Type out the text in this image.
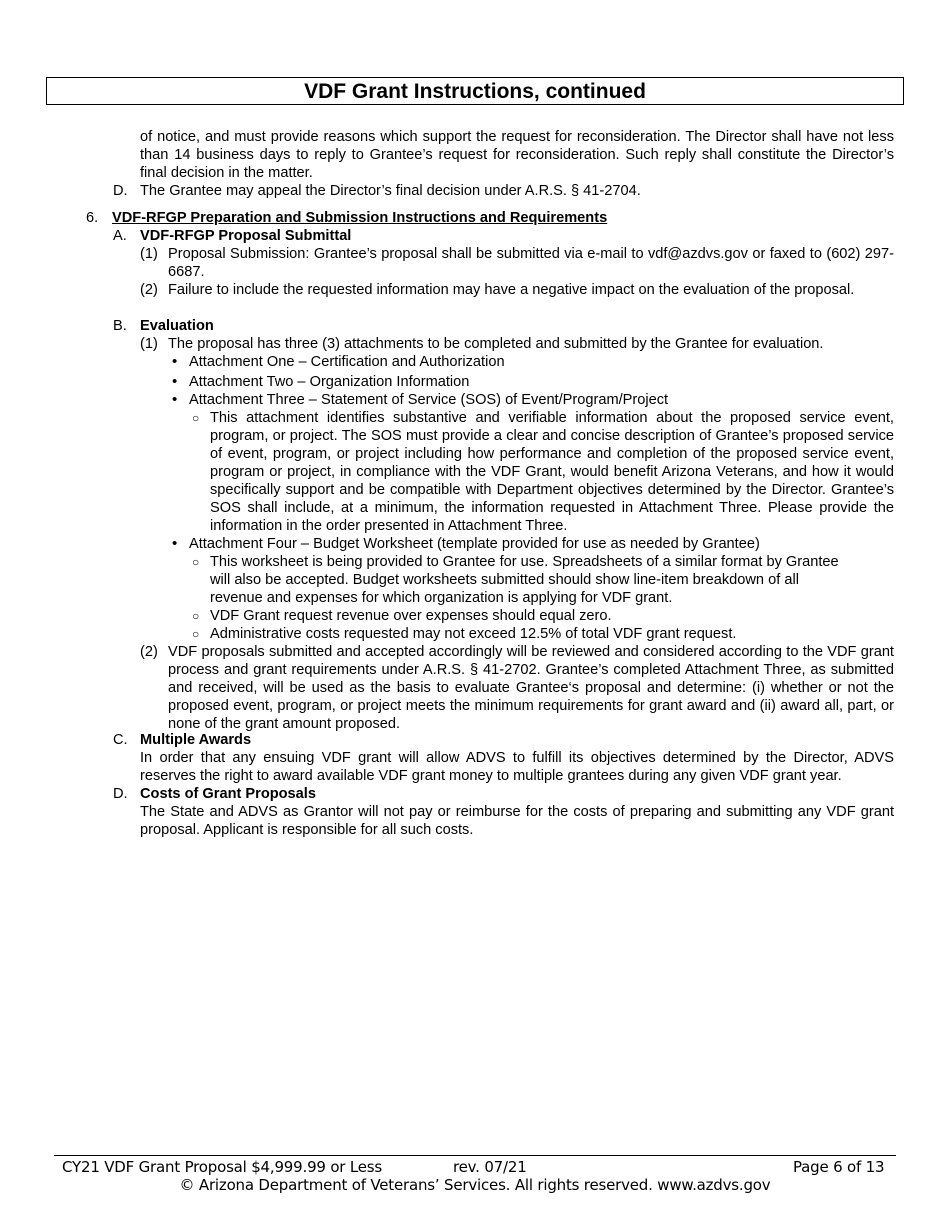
VDF Grant Instructions, continued
of notice, and must provide reasons which support the request for reconsideration. The Director shall have not less than 14 business days to reply to Grantee’s request for reconsideration. Such reply shall constitute the Director’s final decision in the matter.
D. The Grantee may appeal the Director’s final decision under A.R.S. § 41-2704.
6. VDF-RFGP Preparation and Submission Instructions and Requirements
A. VDF-RFGP Proposal Submittal
(1) Proposal Submission: Grantee’s proposal shall be submitted via e-mail to vdf@azdvs.gov or faxed to (602) 297-6687.
(2) Failure to include the requested information may have a negative impact on the evaluation of the proposal.
B. Evaluation
(1) The proposal has three (3) attachments to be completed and submitted by the Grantee for evaluation.
• Attachment One – Certification and Authorization
• Attachment Two – Organization Information
• Attachment Three – Statement of Service (SOS) of Event/Program/Project
○ This attachment identifies substantive and verifiable information about the proposed service event, program, or project. The SOS must provide a clear and concise description of Grantee’s proposed service of event, program, or project including how performance and completion of the proposed service event, program or project, in compliance with the VDF Grant, would benefit Arizona Veterans, and how it would specifically support and be compatible with Department objectives determined by the Director. Grantee’s SOS shall include, at a minimum, the information requested in Attachment Three. Please provide the information in the order presented in Attachment Three.
• Attachment Four – Budget Worksheet (template provided for use as needed by Grantee)
○ This worksheet is being provided to Grantee for use. Spreadsheets of a similar format by Grantee
will also be accepted. Budget worksheets submitted should show line-item breakdown of all
revenue and expenses for which organization is applying for VDF grant.
○ VDF Grant request revenue over expenses should equal zero.
○ Administrative costs requested may not exceed 12.5% of total VDF grant request.
(2) VDF proposals submitted and accepted accordingly will be reviewed and considered according to the VDF grant process and grant requirements under A.R.S. § 41-2702. Grantee’s completed Attachment Three, as submitted and received, will be used as the basis to evaluate Grantee‘s proposal and determine: (i) whether or not the proposed event, program, or project meets the minimum requirements for grant award and (ii) award all, part, or none of the grant amount proposed.
C. Multiple Awards
In order that any ensuing VDF grant will allow ADVS to fulfill its objectives determined by the Director, ADVS reserves the right to award available VDF grant money to multiple grantees during any given VDF grant year.
D. Costs of Grant Proposals
The State and ADVS as Grantor will not pay or reimburse for the costs of preparing and submitting any VDF grant proposal. Applicant is responsible for all such costs.
CY21 VDF Grant Proposal $4,999.99 or Less	rev. 07/21	Page 6 of 13
© Arizona Department of Veterans’ Services. All rights reserved. www.azdvs.gov
